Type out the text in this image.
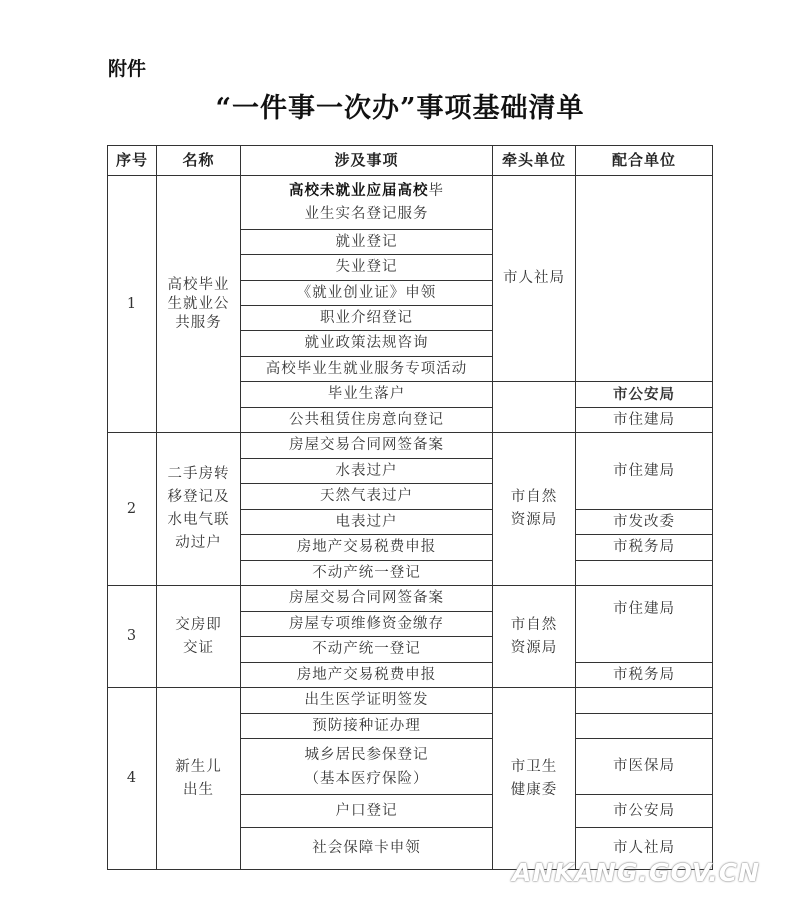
附件
“一件事一次办”事项基础清单
序号	名称	涉及事项	牵头单位	配合单位
1	高校毕业生就业公共服务	高校未就业应届高校毕业生实名登记服务	市人社局	
		就业登记		
		失业登记		
		《就业创业证》申领		
		职业介绍登记		
		就业政策法规咨询		
		高校毕业生就业服务专项活动		

		毕业生落户		市公安局
		公共租赁住房意向登记		市住建局
2	二手房转移登记及水电气联动过户	房屋交易合同网签备案	市自然资源局	市住建局
		水表过户		
		天然气表过户		
		电表过户		市发改委
		房地产交易税费申报		市税务局
		不动产统一登记		
3	交房即交证	房屋交易合同网签备案	市自然资源局	市住建局
		房屋专项维修资金缴存		
		不动产统一登记		
		房地产交易税费申报		市税务局
4	新生儿出生	出生医学证明签发	市卫生健康委	
		预防接种证办理		
		城乡居民参保登记（基本医疗保险）		市医保局
		户口登记		市公安局
		社会保障卡申领		市人社局
ANKANG.GOV.CN
